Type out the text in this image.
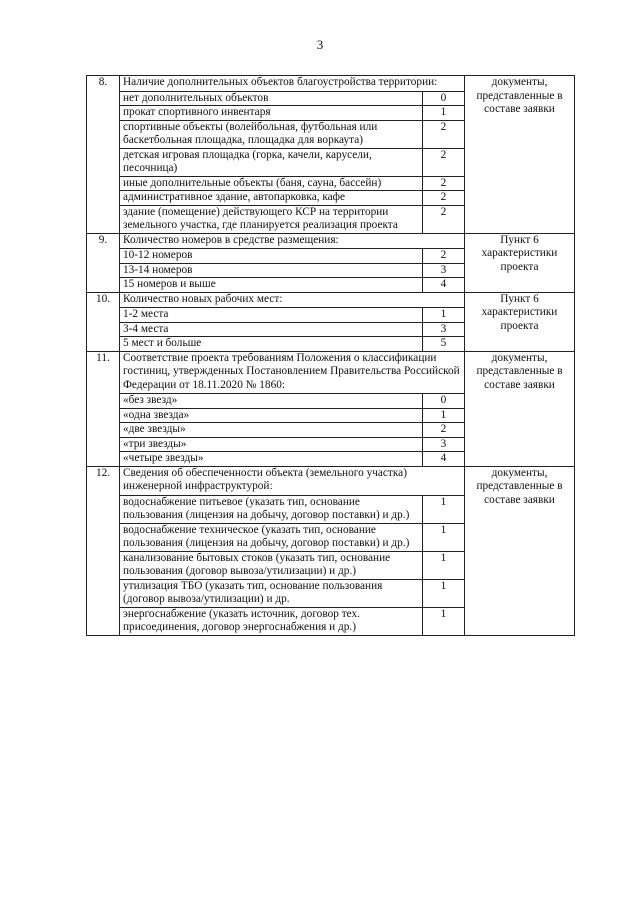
3
8.	Наличие дополнительных объектов благоустройства территории:		документы, представленные в составе заявки
	нет дополнительных объектов	0	
	прокат спортивного инвентаря	1	
	спортивные объекты (волейбольная, футбольная или баскетбольная площадка, площадка для воркаута)	2	
	детская игровая площадка (горка, качели, карусели, песочница)	2	
	иные дополнительные объекты (баня, сауна, бассейн)	2	
	административное здание, автопарковка, кафе	2	
	здание (помещение) действующего КСР на территории земельного участка, где планируется реализация проекта	2	
9.	Количество номеров в средстве размещения:		Пункт 6 характеристики проекта
	10-12 номеров	2	
	13-14 номеров	3	
	15 номеров и выше	4	
10.	Количество новых рабочих мест:		Пункт 6 характеристики проекта
	1-2 места	1	
	3-4 места	3	
	5 мест и больше	5	
11.	Соответствие проекта требованиям Положения о классификации гостиниц, утвержденных Постановлением Правительства Российской Федерации от 18.11.2020 № 1860:		документы, представленные в составе заявки
	«без звезд»	0	
	«одна звезда»	1	
	«две звезды»	2	
	«три звезды»	3	
	«четыре звезды»	4	
12.	Сведения об обеспеченности объекта (земельного участка) инженерной инфраструктурой:		документы, представленные в составе заявки
	водоснабжение питьевое (указать тип, основание пользования (лицензия на добычу, договор поставки) и др.)	1	
	водоснабжение техническое (указать тип, основание пользования (лицензия на добычу, договор поставки) и др.)	1	
	канализование бытовых стоков (указать тип, основание пользования (договор вывоза/утилизации) и др.)	1	
	утилизация ТБО (указать тип, основание пользования (договор вывоза/утилизации) и др.	1	
	энергоснабжение (указать источник, договор тех. присоединения, договор энергоснабжения и др.)	1	
